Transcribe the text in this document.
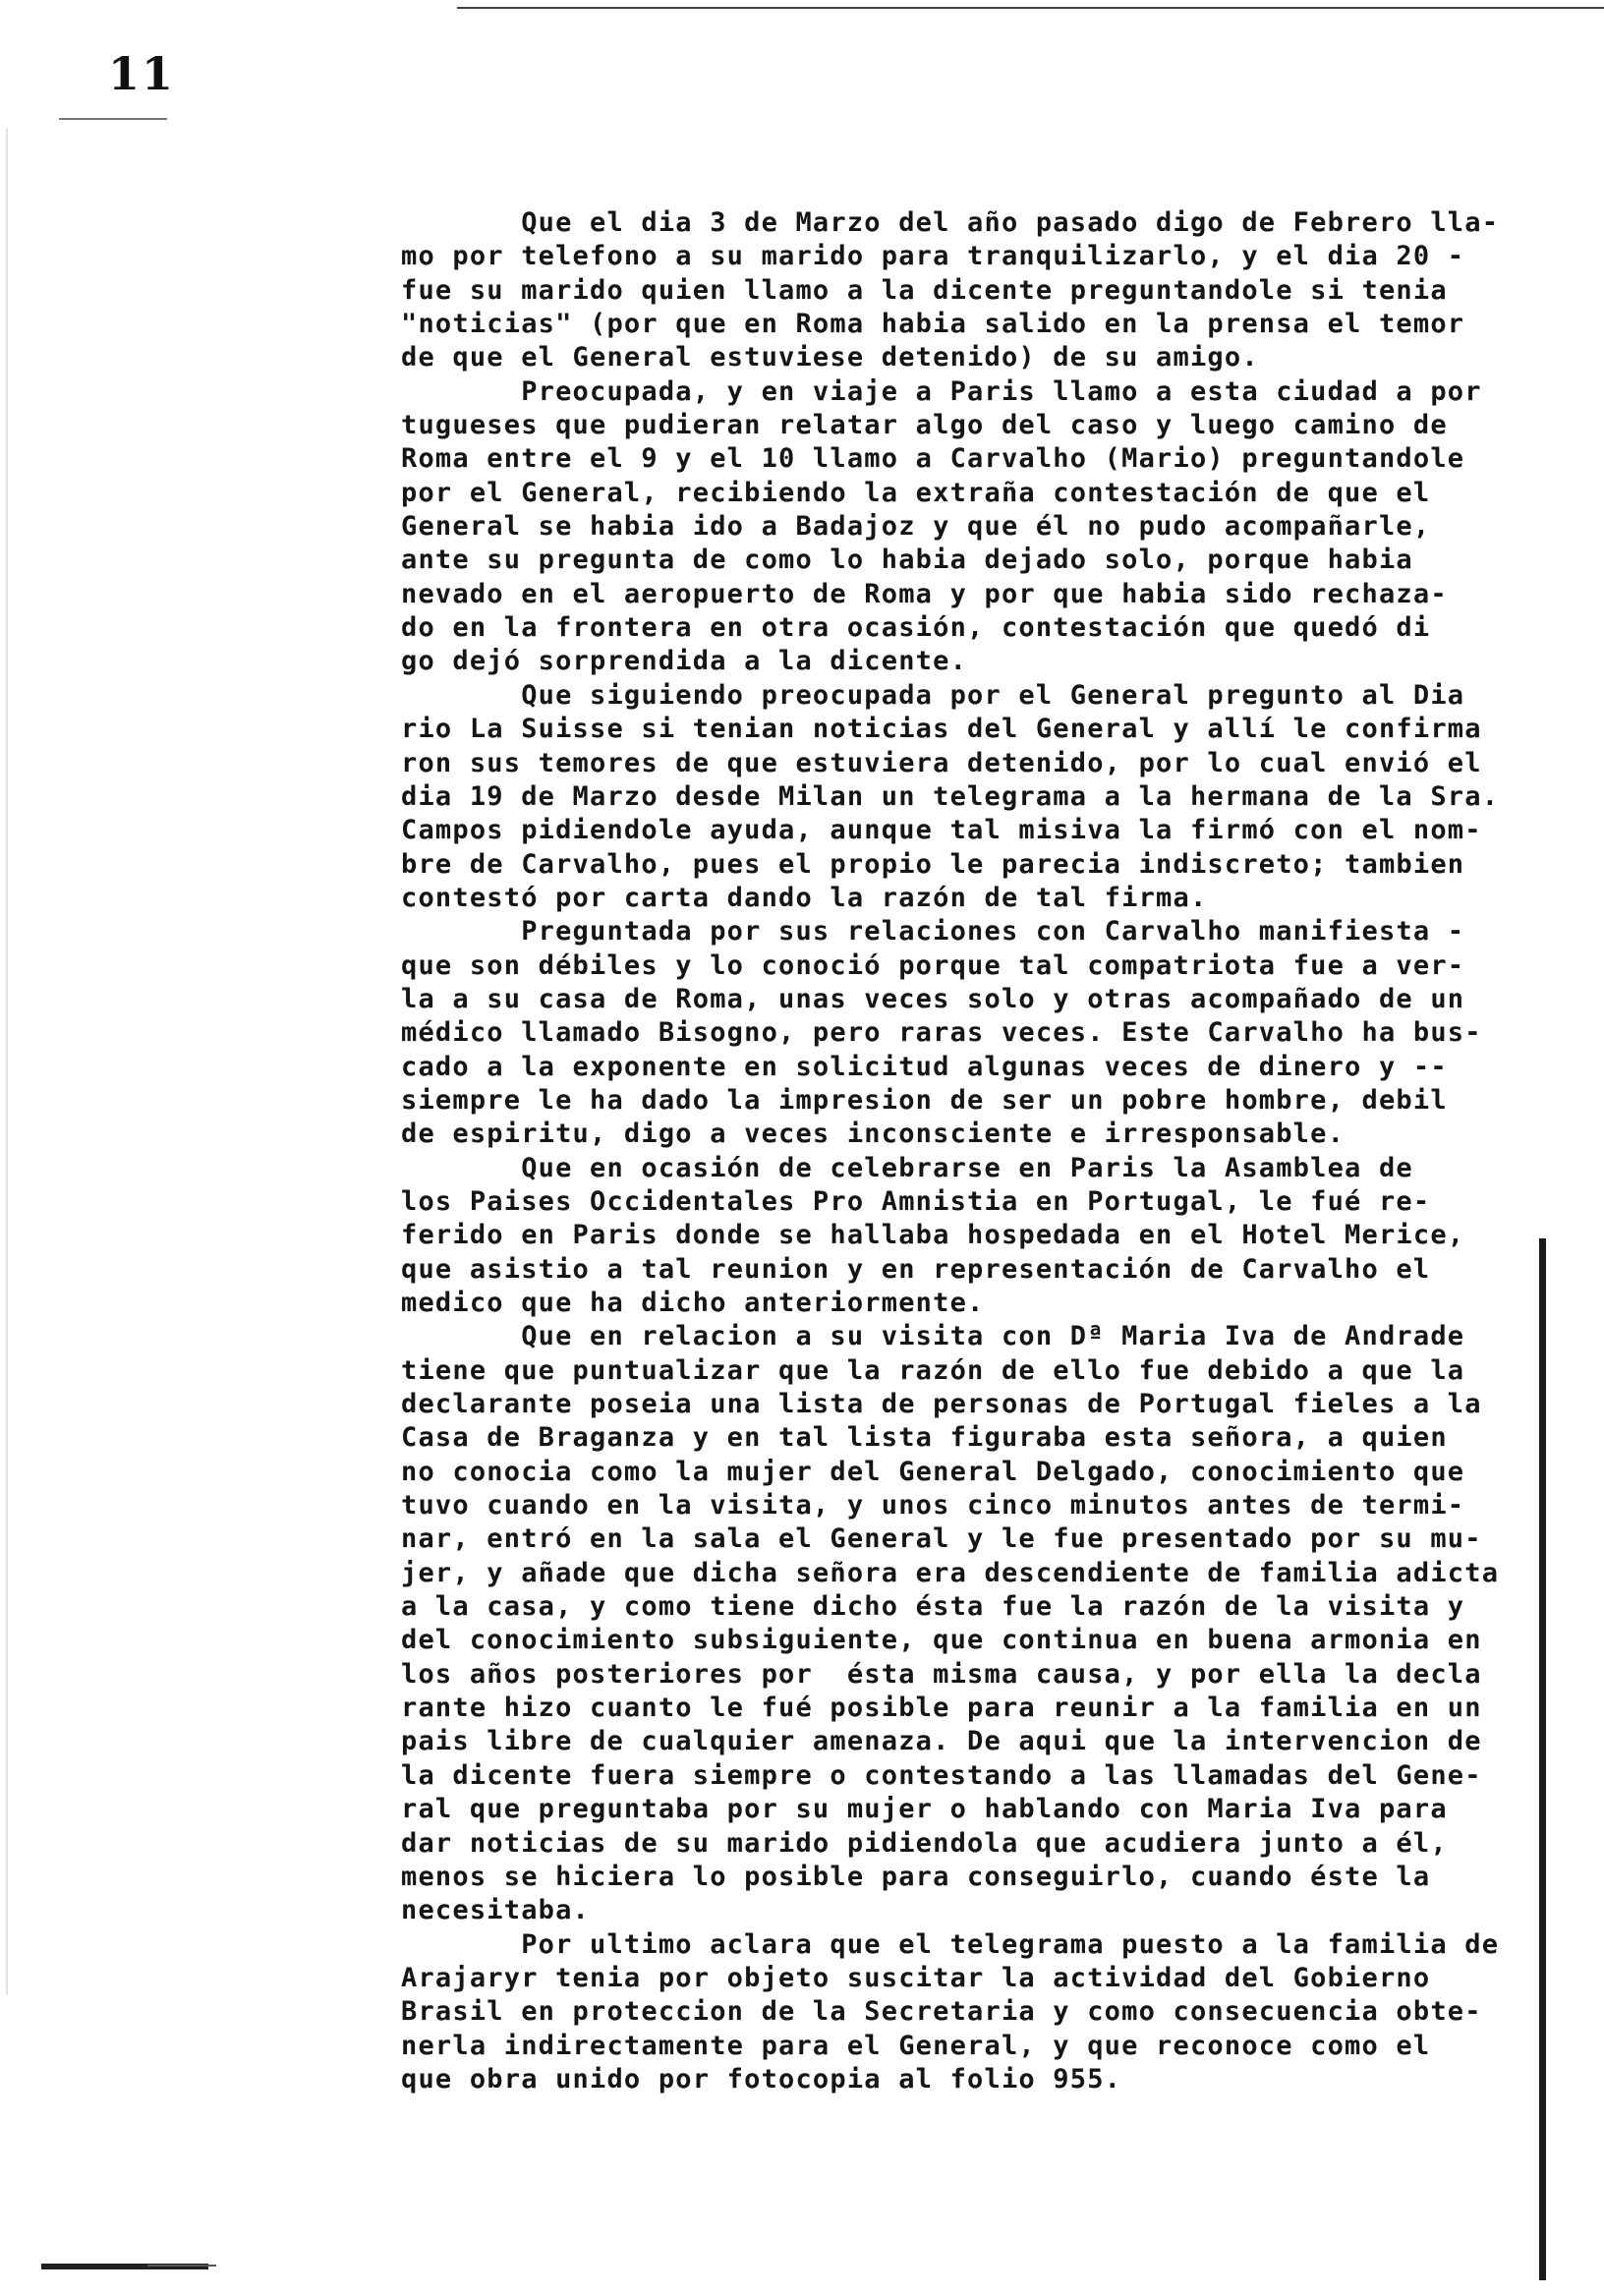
11
Que el dia 3 de Marzo del año pasado digo de Febrero lla-
mo por telefono a su marido para tranquilizarlo, y el dia 20 -
fue su marido quien llamo a la dicente preguntandole si tenia
"noticias" (por que en Roma habia salido en la prensa el temor
de que el General estuviese detenido) de su amigo.
Preocupada, y en viaje a Paris llamo a esta ciudad a por
tugueses que pudieran relatar algo del caso y luego camino de
Roma entre el 9 y el 10 llamo a Carvalho (Mario) preguntandole
por el General, recibiendo la extraña contestación de que el
General se habia ido a Badajoz y que él no pudo acompañarle,
ante su pregunta de como lo habia dejado solo, porque habia
nevado en el aeropuerto de Roma y por que habia sido rechaza-
do en la frontera en otra ocasión, contestación que quedó di
go dejó sorprendida a la dicente.
Que siguiendo preocupada por el General pregunto al Dia
rio La Suisse si tenian noticias del General y allí le confirma
ron sus temores de que estuviera detenido, por lo cual envió el
dia 19 de Marzo desde Milan un telegrama a la hermana de la Sra.
Campos pidiendole ayuda, aunque tal misiva la firmó con el nom-
bre de Carvalho, pues el propio le parecia indiscreto; tambien
contestó por carta dando la razón de tal firma.
Preguntada por sus relaciones con Carvalho manifiesta -
que son débiles y lo conoció porque tal compatriota fue a ver-
la a su casa de Roma, unas veces solo y otras acompañado de un
médico llamado Bisogno, pero raras veces. Este Carvalho ha bus-
cado a la exponente en solicitud algunas veces de dinero y --
siempre le ha dado la impresion de ser un pobre hombre, debil
de espiritu, digo a veces inconsciente e irresponsable.
Que en ocasión de celebrarse en Paris la Asamblea de
los Paises Occidentales Pro Amnistia en Portugal, le fué re-
ferido en Paris donde se hallaba hospedada en el Hotel Merice,
que asistio a tal reunion y en representación de Carvalho el
medico que ha dicho anteriormente.
Que en relacion a su visita con Dª Maria Iva de Andrade
tiene que puntualizar que la razón de ello fue debido a que la
declarante poseia una lista de personas de Portugal fieles a la
Casa de Braganza y en tal lista figuraba esta señora, a quien
no conocia como la mujer del General Delgado, conocimiento que
tuvo cuando en la visita, y unos cinco minutos antes de termi-
nar, entró en la sala el General y le fue presentado por su mu-
jer, y añade que dicha señora era descendiente de familia adicta
a la casa, y como tiene dicho ésta fue la razón de la visita y
del conocimiento subsiguiente, que continua en buena armonia en
los años posteriores por  ésta misma causa, y por ella la decla
rante hizo cuanto le fué posible para reunir a la familia en un
pais libre de cualquier amenaza. De aqui que la intervencion de
la dicente fuera siempre o contestando a las llamadas del Gene-
ral que preguntaba por su mujer o hablando con Maria Iva para
dar noticias de su marido pidiendola que acudiera junto a él,
menos se hiciera lo posible para conseguirlo, cuando éste la
necesitaba.
Por ultimo aclara que el telegrama puesto a la familia de
Arajaryr tenia por objeto suscitar la actividad del Gobierno
Brasil en proteccion de la Secretaria y como consecuencia obte-
nerla indirectamente para el General, y que reconoce como el
que obra unido por fotocopia al folio 955.
